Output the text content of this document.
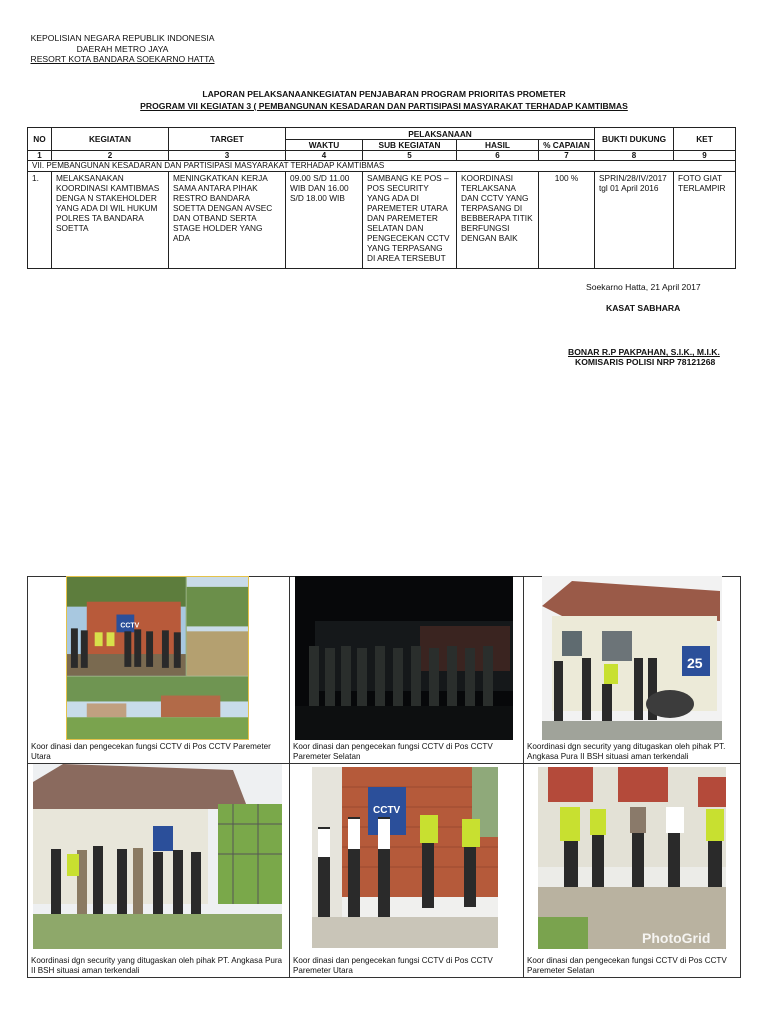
KEPOLISIAN NEGARA REPUBLIK INDONESIA
DAERAH METRO JAYA
RESORT KOTA BANDARA SOEKARNO HATTA
LAPORAN PELAKSANAANKEGIATAN PENJABARAN PROGRAM PRIORITAS PROMETER
PROGRAM VII KEGIATAN 3 ( PEMBANGUNAN KESADARAN DAN PARTISIPASI MASYARAKAT TERHADAP KAMTIBMAS
NO	KEGIATAN	TARGET	PELAKSANAAN				BUKTI DUKUNG	KET
			WAKTU	SUB KEGIATAN	HASIL	% CAPAIAN		
1	2	3	4	5	6	7	8	9
VII. PEMBANGUNAN KESADARAN DAN PARTISIPASI MASYARAKAT TERHADAP KAMTIBMAS								
1.	MELAKSANAKAN KOORDINASI KAMTIBMAS DENGA N STAKEHOLDER YANG ADA DI WIL HUKUM POLRES TA BANDARA SOETTA	MENINGKATKAN KERJA SAMA ANTARA PIHAK RESTRO BANDARA SOETTA DENGAN AVSEC DAN OTBAND SERTA STAGE HOLDER YANG ADA	09.00 S/D 11.00 WIB DAN 16.00 S/D 18.00 WIB	SAMBANG KE POS – POS SECURITY YANG ADA DI PAREMETER UTARA DAN PAREMETER SELATAN DAN PENGECEKAN CCTV YANG TERPASANG DI AREA TERSEBUT	KOORDINASI TERLAKSANA DAN CCTV YANG TERPASANG DI BEBBERAPA TITIK BERFUNGSI DENGAN BAIK	100 %	SPRIN/28/IV/2017 tgl 01 April 2016	FOTO GIAT TERLAMPIR
Soekarno Hatta, 21 April 2017
KASAT SABHARA
BONAR R.P PAKPAHAN, S.I.K., M.I.K.
KOMISARIS POLISI NRP 78121268
CCTV
Koor dinasi dan pengecekan fungsi CCTV di Pos CCTV Paremeter Utara
Koor dinasi dan pengecekan fungsi CCTV di Pos CCTV Paremeter Selatan
25
Koordinasi dgn security yang ditugaskan oleh pihak PT. Angkasa Pura II BSH situasi aman terkendali
Koordinasi dgn security yang ditugaskan oleh pihak PT. Angkasa Pura II BSH situasi aman terkendali
CCTV
Koor dinasi dan pengecekan fungsi CCTV di Pos CCTV Paremeter Utara
PhotoGrid
Koor dinasi dan pengecekan fungsi CCTV di Pos CCTV Paremeter Selatan
